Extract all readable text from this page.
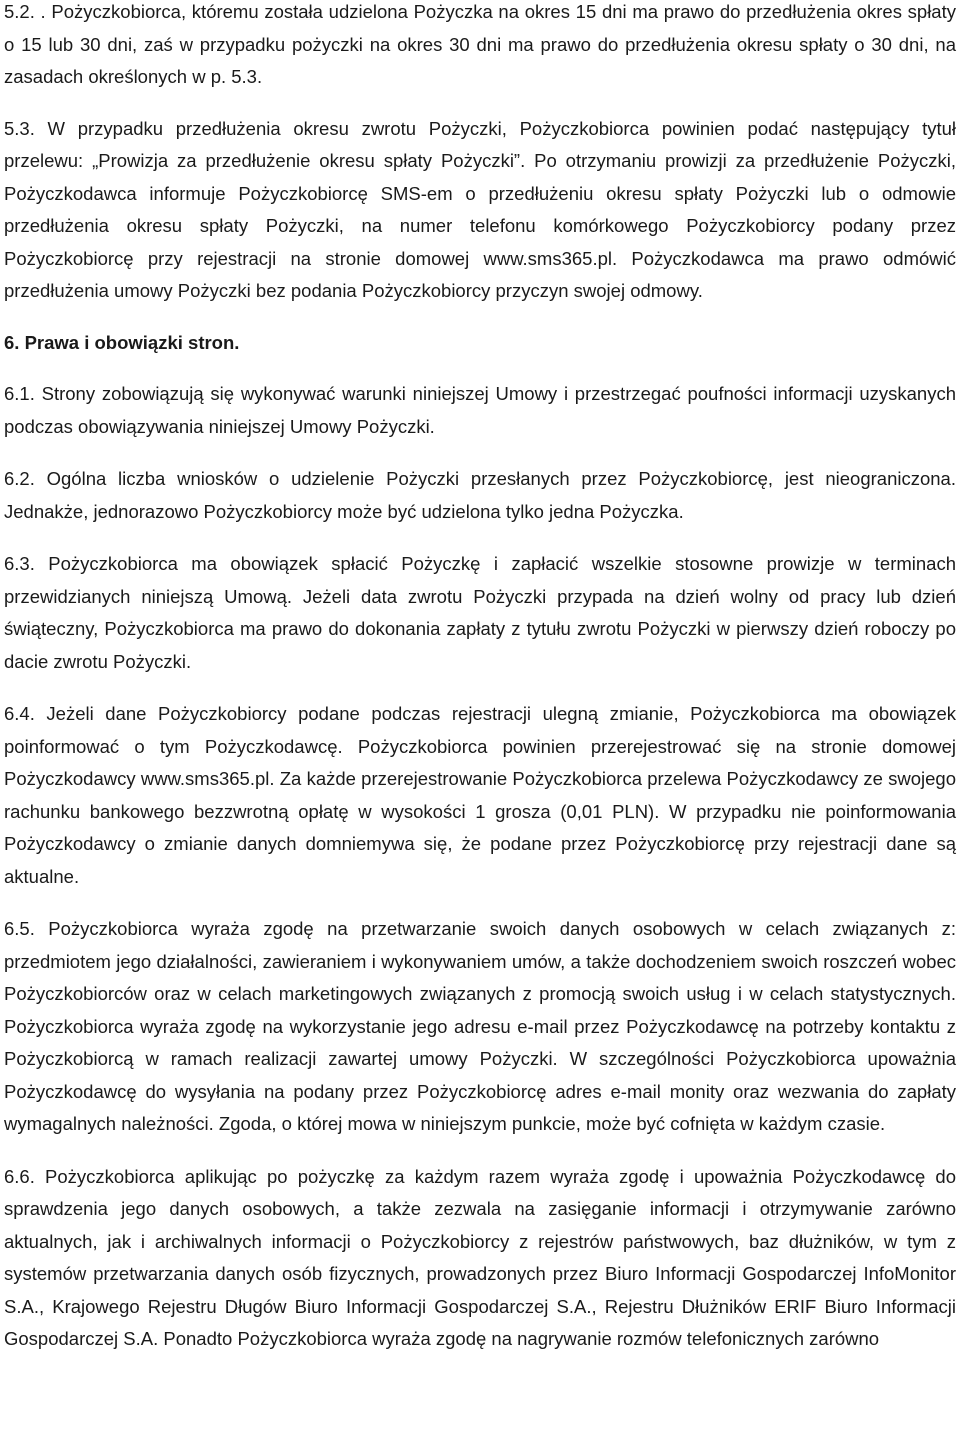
5.2. . Pożyczkobiorca, któremu została udzielona Pożyczka na okres 15 dni ma prawo do przedłużenia okres spłaty o 15 lub 30 dni, zaś w przypadku pożyczki na okres 30 dni ma prawo do przedłużenia okresu spłaty o 30 dni, na zasadach określonych w p. 5.3.

5.3. W przypadku przedłużenia okresu zwrotu Pożyczki, Pożyczkobiorca powinien podać następujący tytuł przelewu: „Prowizja za przedłużenie okresu spłaty Pożyczki”. Po otrzymaniu prowizji za przedłużenie Pożyczki, Pożyczkodawca informuje Pożyczkobiorcę SMS-em o przedłużeniu okresu spłaty Pożyczki lub o odmowie przedłużenia okresu spłaty Pożyczki, na numer telefonu komórkowego Pożyczkobiorcy podany przez Pożyczkobiorcę przy rejestracji na stronie domowej www.sms365.pl. Pożyczkodawca ma prawo odmówić przedłużenia umowy Pożyczki bez podania Pożyczkobiorcy przyczyn swojej odmowy.

6. Prawa i obowiązki stron.

6.1. Strony zobowiązują się wykonywać warunki niniejszej Umowy i przestrzegać poufności informacji uzyskanych podczas obowiązywania niniejszej Umowy Pożyczki.

6.2. Ogólna liczba wniosków o udzielenie Pożyczki przesłanych przez Pożyczkobiorcę, jest nieograniczona. Jednakże, jednorazowo Pożyczkobiorcy może być udzielona tylko jedna Pożyczka.

6.3. Pożyczkobiorca ma obowiązek spłacić Pożyczkę i zapłacić wszelkie stosowne prowizje w terminach przewidzianych niniejszą Umową. Jeżeli data zwrotu Pożyczki przypada na dzień wolny od pracy lub dzień świąteczny, Pożyczkobiorca ma prawo do dokonania zapłaty z tytułu zwrotu Pożyczki w pierwszy dzień roboczy po dacie zwrotu Pożyczki.

6.4. Jeżeli dane Pożyczkobiorcy podane podczas rejestracji ulegną zmianie, Pożyczkobiorca ma obowiązek poinformować o tym Pożyczkodawcę. Pożyczkobiorca powinien przerejestrować się na stronie domowej Pożyczkodawcy www.sms365.pl. Za każde przerejestrowanie Pożyczkobiorca przelewa Pożyczkodawcy ze swojego rachunku bankowego bezzwrotną opłatę w wysokości 1 grosza (0,01 PLN). W przypadku nie poinformowania Pożyczkodawcy o zmianie danych domniemywa się, że podane przez Pożyczkobiorcę przy rejestracji dane są aktualne.

6.5. Pożyczkobiorca wyraża zgodę na przetwarzanie swoich danych osobowych w celach związanych z: przedmiotem jego działalności, zawieraniem i wykonywaniem umów, a także dochodzeniem swoich roszczeń wobec Pożyczkobiorców oraz w celach marketingowych związanych z promocją swoich usług i w celach statystycznych. Pożyczkobiorca wyraża zgodę na wykorzystanie jego adresu e-mail przez Pożyczkodawcę na potrzeby kontaktu z Pożyczkobiorcą w ramach realizacji zawartej umowy Pożyczki. W szczególności Pożyczkobiorca upoważnia Pożyczkodawcę do wysyłania na podany przez Pożyczkobiorcę adres e-mail monity oraz wezwania do zapłaty wymagalnych należności. Zgoda, o której mowa w niniejszym punkcie, może być cofnięta w każdym czasie.

6.6. Pożyczkobiorca aplikując po pożyczkę za każdym razem wyraża zgodę i upoważnia Pożyczkodawcę do sprawdzenia jego danych osobowych, a także zezwala na zasięganie informacji i otrzymywanie zarówno aktualnych, jak i archiwalnych informacji o Pożyczkobiorcy z rejestrów państwowych, baz dłużników, w tym z systemów przetwarzania danych osób fizycznych, prowadzonych przez Biuro Informacji Gospodarczej InfoMonitor S.A., Krajowego Rejestru Długów Biuro Informacji Gospodarczej S.A., Rejestru Dłużników ERIF Biuro Informacji Gospodarczej S.A. Ponadto Pożyczkobiorca wyraża zgodę na nagrywanie rozmów telefonicznych zarówno
